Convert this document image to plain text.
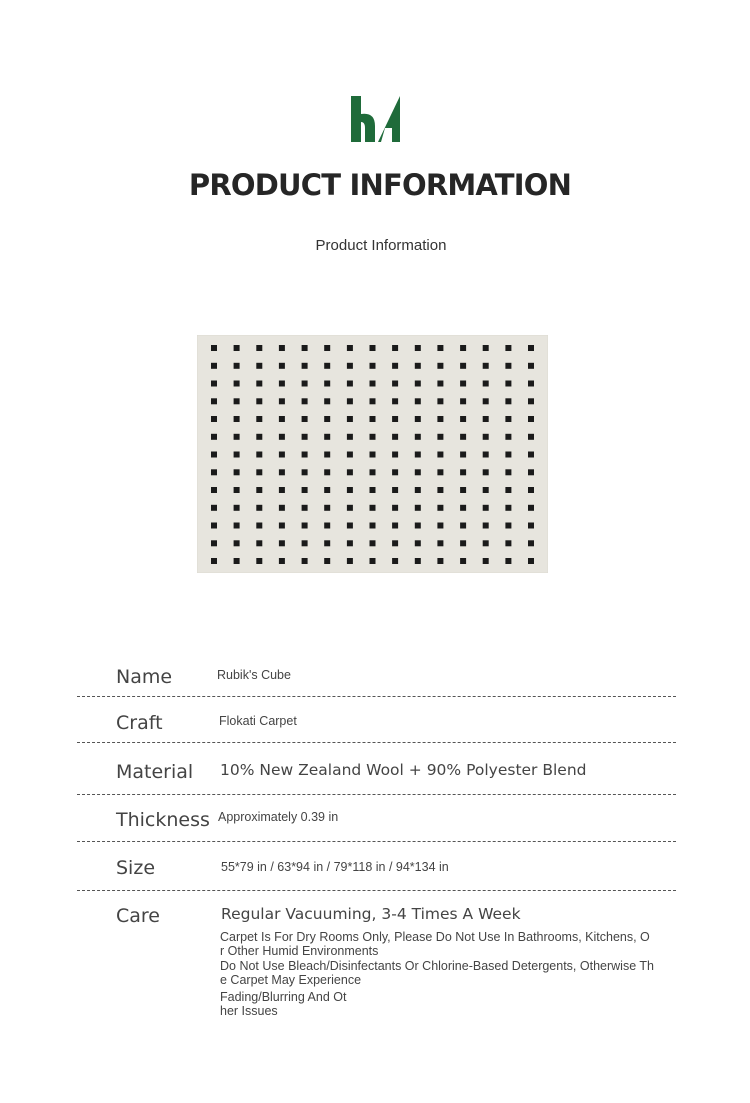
PRODUCT INFORMATION
Product Information
Name	Rubik's Cube
Craft	Flokati Carpet
Material 10% New Zealand Wool + 90% Polyester Blend
Thickness Approximately 0.39 in
Size	55*79 in / 63*94 in / 79*118 in / 94*134 in
Care	Regular Vacuuming, 3-4 Times A Week
Carpet Is For Dry Rooms Only, Please Do Not Use In Bathrooms, Kitchens, O
r Other Humid Environments
Do Not Use Bleach/Disinfectants Or Chlorine-Based Detergents, Otherwise Th
e Carpet May Experience
Fading/Blurring And Ot
her Issues
